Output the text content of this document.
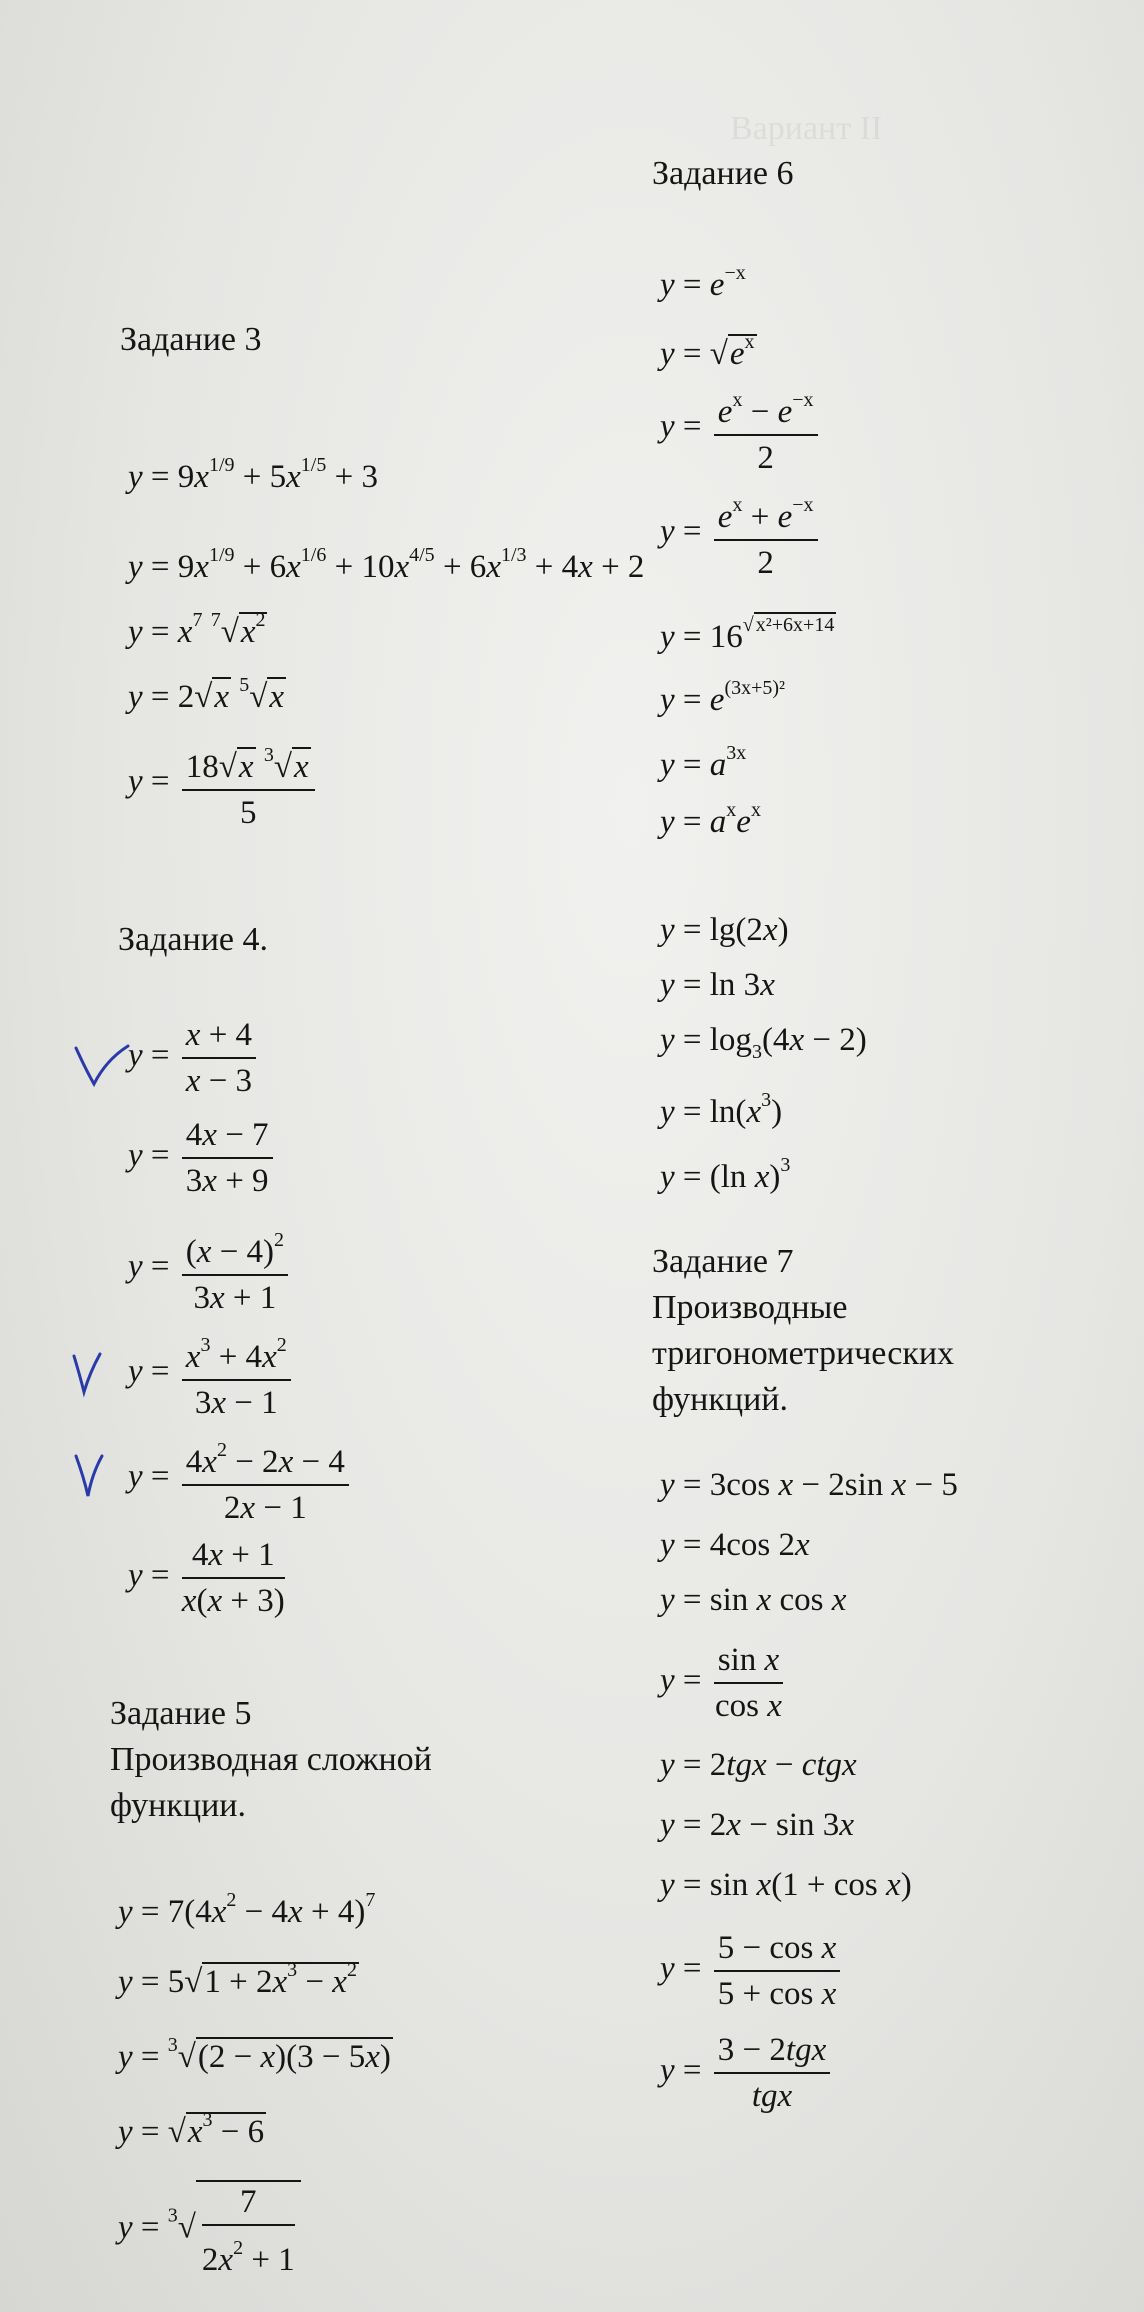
Вариант II
Задание 3
$y = 9x^{1/9} + 5x^{1/5} + 3$
$y = 9x^{1/9} + 6x^{1/6} + 10x^{4/5} + 6x^{1/3} + 4x + 2$
$y = x^7$ $^7√x^2$
y = 2√x $^5$√x
$y = \frac{18√x ^3√x}{5}$
Задание 4.
$y = \frac{x + 4}{x - 3}$
$y = \frac{4x - 7}{3x + 9}$
$y = \frac{(x - 4)^2}{3x + 1}$
$y = \frac{x^3 + 4x^2}{3x - 1}$
$y = \frac{4x^2 - 2x - 4}{2x - 1}$
$y = \frac{4x + 1}{x(x + 3)}$
Задание 5
Производная сложной
функции.
$y = 7(4x^2 - 4x + 4)^7$
$y = 5√1 + 2x^3 - x^2$
y = $^3$√(2 − x)(3 − 5x)
$y = √x^3 - 6$
$y = ^3√ \frac{7}{2x^2 + 1}$
Задание 6
$y = e^{-x}$
$y = √e^x$
$y = \frac{e^x - e^{-x}}{2}$
$y = \frac{e^x + e^{-x}}{2}$
$y = 16^{√ x^2+6x+14}$
$y = e^{(3x+5)^2}$
$y = a^{3x}$
$y = a^xe^x$
y = lg(2x)
y = ln 3x
$y = \log_3(4x - 2)$
$y = \ln(x^3)$
y = (ln x)$^3$
Задание 7
Производные
тригонометрических
функций.
y = 3cos x − 2sin x − 5
y = 4cos 2x
y = sin x cos x
$y = \frac{\text{sin x}}{\text{cos x}}$
y = 2tgx − ctgx
y = 2x − sin 3x
y = sin x(1 + cos x)
$y = \frac{\text{5 − cos x}}{\text{5 + cos x}}$
$y = \frac{\text{3 − 2tgx}}{\text{tgx}}$
